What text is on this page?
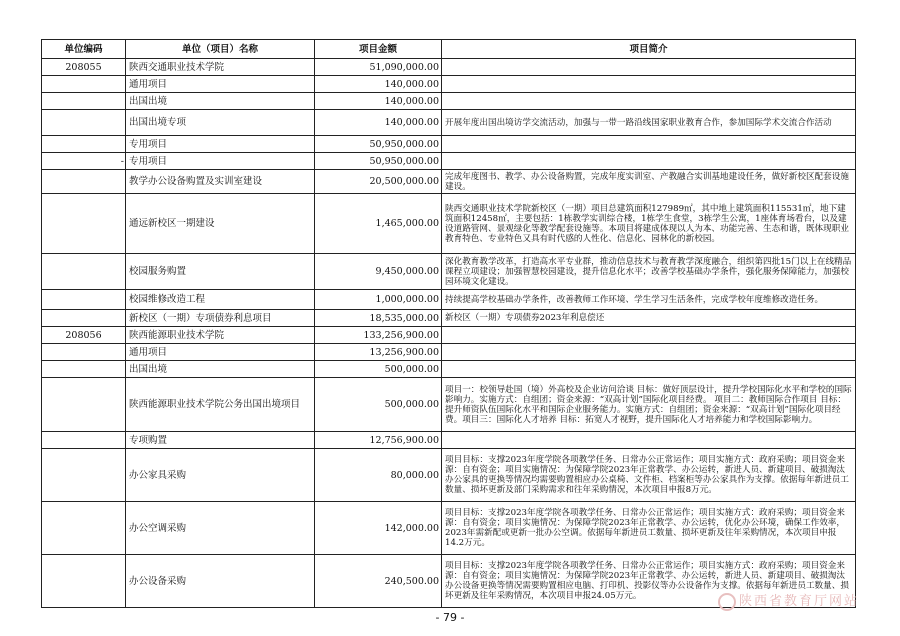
单位编码	单位（项目）名称	项目金额	项目简介
208055	陕西交通职业技术学院	51,090,000.00	
	通用项目	140,000.00	
	出国出境	140,000.00	
	出国出境专项	140,000.00	开展年度出国出境访学交流活动，加强与一带一路沿线国家职业教育合作，参加国际学术交流合作活动
	专用项目	50,950,000.00	

-	专用项目	50,950,000.00	
	教学办公设备购置及实训室建设	20,500,000.00	完成年度图书、教学、办公设备购置，完成年度实训室、产教融合实训基地建设任务，做好新校区配套设施建设。
	通远新校区一期建设	1,465,000.00	陕西交通职业技术学院新校区（一期）项目总建筑面积127989㎡，其中地上建筑面积115531㎡，地下建筑面积12458㎡，主要包括：1栋教学实训综合楼，1栋学生食堂，3栋学生公寓，1座体育场看台，以及建设道路管网、景观绿化等教学配套设施等。本项目将建成体现以人为本、功能完善、生态和谐，既体现职业教育特色、专业特色又具有时代感的人性化、信息化、园林化的新校园。
	校园服务购置	9,450,000.00	深化教育教学改革，打造高水平专业群，推动信息技术与教育教学深度融合，组织第四批15门以上在线精品课程立项建设；加强智慧校园建设，提升信息化水平；改善学校基础办学条件，强化服务保障能力，加强校园环境文化建设。
	校园维修改造工程	1,000,000.00	持续提高学校基础办学条件，改善教师工作环境、学生学习生活条件，完成学校年度维修改造任务。
	新校区（一期）专项债券利息项目	18,535,000.00	新校区（一期）专项债券2023年利息偿还
208056	陕西能源职业技术学院	133,256,900.00	
	通用项目	13,256,900.00	
	出国出境	500,000.00	
	陕西能源职业技术学院公务出国出境项目	500,000.00	项目一：校领导赴国（境）外高校及企业访问洽谈 目标：做好顶层设计，提升学校国际化水平和学校的国际影响力。实施方式：自组团；资金来源：“双高计划”国际化项目经费。 项目二：教师国际合作项目 目标：提升师资队伍国际化水平和国际企业服务能力。实施方式：自组团；资金来源：“双高计划”国际化项目经费。项目三：国际化人才培养 目标：拓宽人才视野，提升国际化人才培养能力和学校国际影响力。
	专项购置	12,756,900.00	
	办公家具采购	80,000.00	项目目标：支撑2023年度学院各项教学任务、日常办公正常运作；项目实施方式：政府采购；项目资金来源：自有资金；项目实施情况：为保障学院2023年正常教学、办公运转，新进人员、新建项目、破损淘汰办公家具的更换等情况均需要购置相应办公桌椅、文件柜、档案柜等办公家具作为支撑。依据每年新进员工数量、损坏更新及部门采购需求和往年采购情况，本次项目申报8万元。
	办公空调采购	142,000.00	项目目标：支撑2023年度学院各项教学任务、日常办公正常运作；项目实施方式：政府采购；项目资金来源：自有资金；项目实施情况：为保障学院2023年正常教学、办公运转，优化办公环境，确保工作效率，2023年需新配或更新一批办公空调。依据每年新进员工数量、损坏更新及往年采购情况，本次项目申报14.2万元。
	办公设备采购	240,500.00	项目目标：支撑2023年度学院各项教学任务、日常办公正常运作；项目实施方式：政府采购；项目资金来源：自有资金；项目实施情况：为保障学院2023年正常教学、办公运转，新进人员、新建项目、破损淘汰办公设备更换等情况需要购置相应电脑、打印机、投影仪等办公设备作为支撑。依据每年新进员工数量、损坏更新及往年采购情况，本次项目申报24.05万元。	陕西省教育厅网站
- 79 -
